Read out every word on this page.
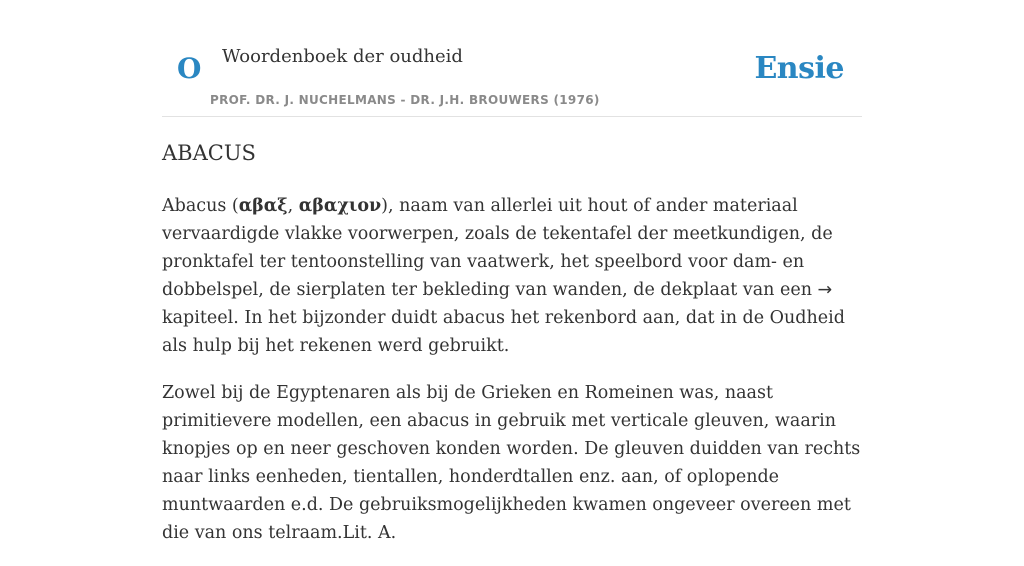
O Woordenboek der oudheid
PROF. DR. J. NUCHELMANS - DR. J.H. BROUWERS (1976)
Ensie
ABACUS

Abacus (αβαξ, αβαχιον), naam van allerlei uit hout of ander materiaal vervaardigde vlakke voorwerpen, zoals de tekentafel der meetkundigen, de pronktafel ter tentoonstelling van vaatwerk, het speelbord voor dam- en dobbelspel, de sierplaten ter bekleding van wanden, de dekplaat van een → kapiteel. In het bijzonder duidt abacus het rekenbord aan, dat in de Oudheid als hulp bij het rekenen werd gebruikt.

Zowel bij de Egyptenaren als bij de Grieken en Romeinen was, naast primitievere modellen, een abacus in gebruik met verticale gleuven, waarin knopjes op en neer geschoven konden worden. De gleuven duidden van rechts naar links eenheden, tientallen, honderdtallen enz. aan, of oplopende muntwaarden e.d. De gebruiksmogelijkheden kwamen ongeveer overeen met die van ons telraam.Lit. A.
